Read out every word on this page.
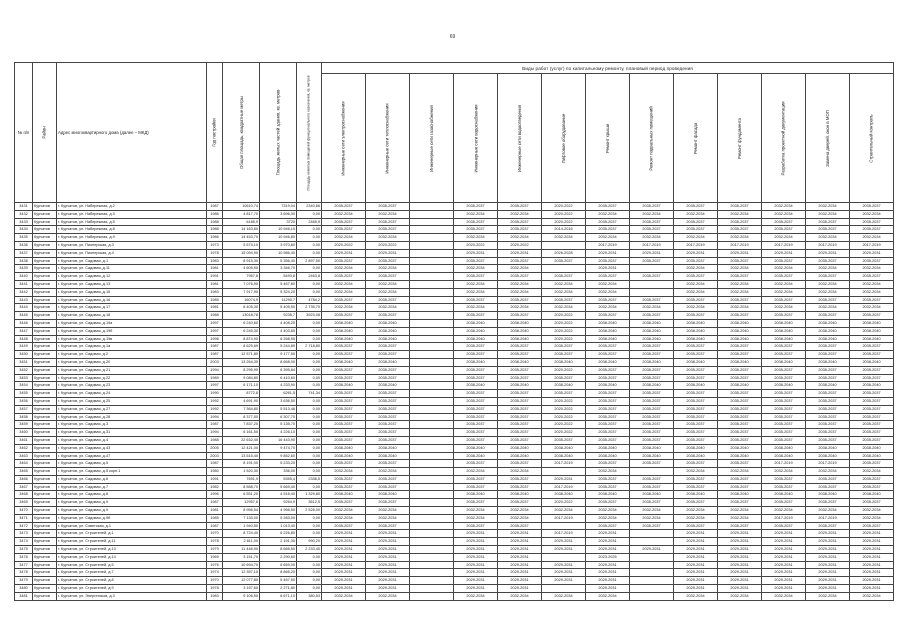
69
№ п/п	Район	Адрес многоквартирного дома (далее – МКД)	Год постройки	Общая площадь, квадратные метры	Площадь жилых частей здания, кв. метров	Площадь нежилых помещений функционального назначения, кв. метров	Виды работ (услуг) по капитальному ремонту, плановый период проведения												

							Инженерные сети электроснабжения	Инженерные сети теплоснабжения	Инженерные сети газоснабжения	Инженерные сети водоснабжения	Инженерные сети водоотведения	Лифтовое оборудование	Ремонт крыши	Ремонт подвальных помещений	Ремонт фасада	Ремонт фундамента	Разработка проектной документации	Замена дверей, окон в МОП	Строительный контроль

3431	Курчатов	г. Курчатов, ул. Набережная, д.2	1987	10610,74	7319,04	2340,66	2035-2037	2035-2037		2035-2037	2035-2037	2020-2022	2035-2037	2035-2037	2035-2037	2035-2037	2032-2034	2032-2034	2035-2037
3432	Курчатов	г. Курчатов, ул. Набережная, д.3	1986	4 817,70	3 696,30	0,00	2032-2034	2032-2034		2032-2034	2032-2034	2020-2022	2032-2034	2032-2034	2032-2034	2032-2034	2032-2034	2032-2034	2032-2034
3433	Курчатов	г. Курчатов, ул. Набережная, д.5	1988	6185,9	3720	2465,9	2035-2037	2035-2037		2035-2037	2035-2037	2020-2022	2035-2037	2035-2037	2035-2037	2035-2037	2035-2037	2035-2037	2035-2037
3434	Курчатов	г. Курчатов, ул. Набережная, д.8	1988	14 163,60	10 946,10	0,00	2035-2037	2035-2037		2035-2037	2035-2037	2014-2016	2035-2037	2035-2037	2035-2037	2035-2037	2035-2037	2035-2037	2035-2037
3435	Курчатов	г. Курчатов, ул. Набережная, д.9	1986	14 453,70	10 946,80	0,00	2032-2034	2032-2034		2032-2034	2032-2034	2032-2034	2032-2034	2032-2034	2032-2034	2032-2034	2032-2034	2032-2034	2032-2034
3436	Курчатов	г. Курчатов, ул. Пионерская, д.3	1973	5 574,10	3 970,80	0,00	2020-2022	2020-2022		2020-2022	2020-2022		2017-2019	2017-2019	2017-2019	2017-2019	2017-2019	2017-2019	2017-2019
3437	Курчатов	г. Курчатов, ул. Пионерская, д.4	1978	15 094,90	10 986,40	0,00	2029-2031	2029-2031		2029-2031	2029-2031	2026-2028	2029-2031	2029-2031	2029-2031	2029-2031	2029-2031	2029-2031	2029-2031
3438	Курчатов	г. Курчатов, ул. Садовая, д.1	1983	8 915,30	5 356,40	2 897,50	2035-2037	2035-2037		2035-2037	2035-2037	2035-2037	2035-2037	2035-2037	2035-2037	2035-2037	2035-2037	2035-2037	2035-2037
3439	Курчатов	г. Курчатов, ул. Садовая, д.11	1981	4 605,90	3 346,70	0,00	2032-2034	2032-2034		2032-2034	2032-2034		2029-2031		2032-2034	2032-2034	2032-2034	2032-2034	2032-2034
3440	Курчатов	г. Курчатов, ул. Садовая, д.12	1991	7957,6	5493,8	2463,8	2035-2037	2035-2037		2035-2037	2035-2037	2035-2037	2035-2037	2035-2037	2035-2037	2035-2037	2035-2037	2035-2037	2035-2037
3441	Курчатов	г. Курчатов, ул. Садовая, д.13	1981	7 076,90	5 467,80	0,00	2032-2034	2032-2034		2032-2034	2032-2034	2032-2034	2032-2034		2032-2034	2032-2034	2032-2034	2032-2034	2032-2034
3442	Курчатов	г. Курчатов, ул. Садовая, д.15	1983	7 917,90	5 324,20	0,00	2032-2034	2032-2034		2032-2034	2032-2034	2032-2034	2032-2034		2032-2034	2032-2034	2032-2034	2032-2034	2032-2034
3443	Курчатов	г. Курчатов, ул. Садовая, д.16	1985	16074,9	11290,7	4784,2	2035-2037	2035-2037		2035-2037	2035-2037	2035-2037	2035-2037	2035-2037	2035-2037	2035-2037	2035-2037	2035-2037	2035-2037
3444	Курчатов	г. Курчатов, ул. Садовая, д.17	1981	8 405,30	5 405,50	2 735,70	2032-2034	2032-2034		2032-2034	2032-2034	2032-2034	2032-2034	2032-2034	2032-2034	2032-2034	2032-2034	2032-2034	2032-2034
3445	Курчатов	г. Курчатов, ул. Садовая, д.18	1988	13018,78	9235,7	3923,08	2035-2037	2035-2037		2035-2037	2035-2037	2020-2022	2035-2037	2035-2037	2035-2037	2035-2037	2035-2037	2035-2037	2035-2037
3446	Курчатов	г. Курчатов, ул. Садовая, д.19а	1997	6 240,60	4 408,20	0,00	2038-2040	2038-2040		2038-2040	2038-2040	2020-2022	2038-2040	2038-2040	2038-2040	2038-2040	2038-2040	2038-2040	2038-2040
3447	Курчатов	г. Курчатов, ул. Садовая, д.19б	1997	6 245,30	4 403,80	0,00	2038-2040	2038-2040		2038-2040	2038-2040	2020-2022	2038-2040	2038-2040	2038-2040	2038-2040	2038-2040	2038-2040	2038-2040
3448	Курчатов	г. Курчатов, ул. Садовая, д.19в	1996	8 874,90	6 268,90	0,00	2038-2040	2038-2040		2038-2040	2038-2040	2020-2022	2038-2040	2038-2040	2038-2040	2038-2040	2038-2040	2038-2040	2038-2040
3449	Курчатов	г. Курчатов, ул. Садовая, д.1а	1987	8 625,69	5 244,89	2 718,80	2035-2037	2035-2037		2035-2037	2035-2037	2035-2037	2035-2037	2035-2037	2035-2037	2035-2037	2035-2037	2035-2037	2035-2037
3450	Курчатов	г. Курчатов, ул. Садовая, д.2	1987	12 571,80	9 177,50	0,00	2035-2037	2035-2037		2035-2037	2035-2037	2035-2037	2035-2037	2035-2037	2035-2037	2035-2037	2035-2037	2035-2037	2035-2037
3451	Курчатов	г. Курчатов, ул. Садовая, д.20	2003	13 264,30	8 668,00	0,00	2038-2040	2038-2040		2038-2040	2038-2040	2038-2040	2038-2040	2038-2040	2038-2040	2038-2040	2038-2040	2038-2040	2038-2040
3452	Курчатов	г. Курчатов, ул. Садовая, д.21	1994	8 295,90	6 395,84	0,00	2035-2037	2035-2037		2035-2037	2035-2037	2020-2022	2035-2037	2035-2037	2035-2037	2035-2037	2035-2037	2035-2037	2035-2037
3453	Курчатов	г. Курчатов, ул. Садовая, д.22	1989	9 084,80	6 410,60	0,00	2035-2037	2035-2037		2035-2037	2035-2037	2035-2037	2035-2037	2035-2037	2035-2037	2035-2037	2035-2037	2035-2037	2035-2037
3454	Курчатов	г. Курчатов, ул. Садовая, д.23	1997	6 171,10	4 233,90	0,00	2038-2040	2038-2040		2038-2040	2038-2040	2038-2040	2038-2040	2038-2040	2038-2040	2038-2040	2038-2040	2038-2040	2038-2040
3455	Курчатов	г. Курчатов, ул. Садовая, д.24	1990	8772,8	6261,5	741,34	2035-2037	2035-2037		2035-2037	2035-2037	2035-2037	2035-2037	2035-2037	2035-2037	2035-2037	2035-2037	2035-2037	2035-2037
3456	Курчатов	г. Курчатов, ул. Садовая, д.25	1992	4 691,90	3 636,50	0,00	2035-2037	2035-2037		2035-2037	2035-2037	2020-2022	2035-2037	2035-2037	2035-2037	2035-2037	2035-2037	2035-2037	2035-2037
3457	Курчатов	г. Курчатов, ул. Садовая, д.27	1992	7 364,80	5 513,46	0,00	2035-2037	2035-2037		2035-2037	2035-2037	2020-2022	2035-2037	2035-2037	2035-2037	2035-2037	2035-2037	2035-2037	2035-2037
3458	Курчатов	г. Курчатов, ул. Садовая, д.28	1994	8 377,50	6 307,70	0,00	2035-2037	2035-2037		2035-2037	2035-2037	2020-2022	2035-2037	2035-2037	2035-2037	2035-2037	2035-2037	2035-2037	2035-2037
3459	Курчатов	г. Курчатов, ул. Садовая, д.3	1987	7 837,20	5 135,70	0,00	2035-2037	2035-2037		2035-2037	2035-2037	2020-2022	2035-2037	2035-2037	2035-2037	2035-2037	2035-2037	2035-2037	2035-2037
3460	Курчатов	г. Курчатов, ул. Садовая, д.31	1994	6 161,50	4 226,10	0,00	2035-2037	2035-2037		2035-2037	2035-2037	2020-2022	2035-2037	2035-2037	2035-2037	2035-2037	2035-2037	2035-2037	2035-2037
3461	Курчатов	г. Курчатов, ул. Садовая, д.4	1988	22 632,40	16 443,90	0,00	2035-2037	2035-2037		2035-2037	2035-2037	2035-2037	2035-2037	2035-2037	2035-2037	2035-2037	2035-2037	2035-2037	2035-2037
3462	Курчатов	г. Курчатов, ул. Садовая, д.43	2005	12 421,00	9 474,70	0,00	2038-2040	2038-2040		2038-2040	2038-2040	2038-2040	2038-2040	2038-2040	2038-2040	2038-2040	2038-2040	2038-2040	2038-2040
3463	Курчатов	г. Курчатов, ул. Садовая, д.47	2003	13 515,40	9 852,60	0,00	2038-2040	2038-2040		2038-2040	2038-2040	2038-2040	2038-2040	2038-2040	2038-2040	2038-2040	2038-2040	2038-2040	2038-2040
3464	Курчатов	г. Курчатов, ул. Садовая, д.5	1987	8 191,00	5 233,20	0,00	2035-2037	2035-2037		2035-2037	2035-2037	2017-2019	2035-2037	2035-2037	2035-2037	2035-2037	2017-2019	2017-2019	2035-2037
3465	Курчатов	г. Курчатов, ул. Садовая, д.5 корп.1	1980	1 520,30	336,00	0,00	2032-2034	2032-2034		2032-2034	2032-2034		2032-2034		2032-2034	2032-2034	2032-2034	2032-2034	2032-2034
3466	Курчатов	г. Курчатов, ул. Садовая, д.6	1991	7691,9	5355,4	2336,5	2035-2037	2035-2037		2035-2037	2035-2037	2029-2031	2035-2037	2035-2037	2035-2037	2035-2037	2035-2037	2035-2037	2035-2037
3467	Курчатов	г. Курчатов, ул. Садовая, д.7	1982	8 588,70	5 669,40	0,00	2035-2037	2035-2037		2035-2037	2035-2037	2017-2019	2035-2037	2035-2037	2035-2037	2035-2037	2035-2037	2035-2037	2035-2037
3468	Курчатов	г. Курчатов, ул. Садовая, д.8	1996	6 551,20	4 516,40	1 329,80	2038-2040	2038-2040		2038-2040	2038-2040	2038-2040	2038-2040	2038-2040	2038-2040	2038-2040	2038-2040	2038-2040	2038-2040
3469	Курчатов	г. Курчатов, ул. Садовая, д.9	1987	12957,6	9264,9	3612,5	2035-2037	2035-2037		2035-2037	2035-2037	2020-2022	2035-2037	2035-2037	2035-2037	2035-2037	2035-2037	2035-2037	2035-2037
3470	Курчатов	г. Курчатов, ул. Садовая, д.9	1981	8 956,54	4 956,50	2 526,00	2032-2034	2032-2034		2032-2034	2032-2034	2032-2034	2032-2034	2032-2034	2032-2034	2032-2034	2032-2034	2032-2034	2032-2034
3471	Курчатов	г. Курчатов, ул. Садовая, д.9б	1985	7 133,00	5 283,00	0,00	2032-2034	2032-2034		2032-2034	2032-2034	2017-2019	2032-2034	2032-2034	2032-2034	2032-2034	2017-2019	2017-2019	2032-2034
3472	Курчатов	г. Курчатов, ул. Советская, д.1	1987	1 940,50	1 013,40	0,00	2035-2037	2035-2037		2035-2037	2035-2037		2035-2037	2035-2037	2035-2037	2035-2037	2035-2037	2035-2037	2035-2037
3473	Курчатов	г. Курчатов, ул. Строителей, д.1	1970	8 724,40	6 226,80	0,00	2029-2031	2029-2031		2029-2031	2029-2031	2017-2019	2029-2031		2029-2031	2029-2031	2029-2031	2029-2031	2029-2031
3474	Курчатов	г. Курчатов, ул. Строителей, д.11	1978	2 811,00	2 191,30	990,20	2029-2031	2029-2031		2029-2031	2029-2031	2029-2031	2029-2031		2029-2031	2029-2031	2029-2031	2029-2031	2029-2031
3475	Курчатов	г. Курчатов, ул. Строителей, д.13	1979	11 446,90	8 666,50	2 233,40	2029-2031	2029-2031		2029-2031	2029-2031	2029-2031	2029-2031	2029-2031	2029-2031	2029-2031	2029-2031	2029-2031	2029-2031
3476	Курчатов	г. Курчатов, ул. Строителей, д.14	1969	3 151,70	2 290,60	0,00	2029-2031	2029-2031		2029-2031	2029-2031		2023-2025		2029-2031	2029-2031	2029-2031	2029-2031	2029-2031
3477	Курчатов	г. Курчатов, ул. Строителей, д.5	1976	10 694,70	6 659,00	0,00	2029-2031	2029-2031		2029-2031	2029-2031	2029-2031	2029-2031		2029-2031	2029-2031	2029-2031	2029-2031	2029-2031
3478	Курчатов	г. Курчатов, ул. Строителей, д.7	1974	12 357,10	8 866,20	0,00	2029-2031	2029-2031		2029-2031	2029-2031	2029-2031	2029-2031		2029-2031	2029-2031	2029-2031	2029-2031	2029-2031
3479	Курчатов	г. Курчатов, ул. Строителей, д.8	1970	12 077,80	5 457,50	0,00	2029-2031	2029-2031		2029-2031	2029-2031	2029-2031	2029-2031		2029-2031	2029-2031	2029-2031	2029-2031	2029-2031
3480	Курчатов	г. Курчатов, ул. Строителей, д.9	1978	3 157,60	2 271,80	0,00	2029-2031	2029-2031		2029-2031	2029-2031		2029-2031		2029-2031	2029-2031	2029-2031	2029-2031	2029-2031
3481	Курчатов	г. Курчатов, ул. Энергетиков, д.3	1983	9 106,50	6 671,10	380,53	2032-2034	2032-2034		2032-2034	2032-2034	2032-2034	2032-2034		2032-2034	2032-2034	2032-2034	2032-2034	2032-2034
